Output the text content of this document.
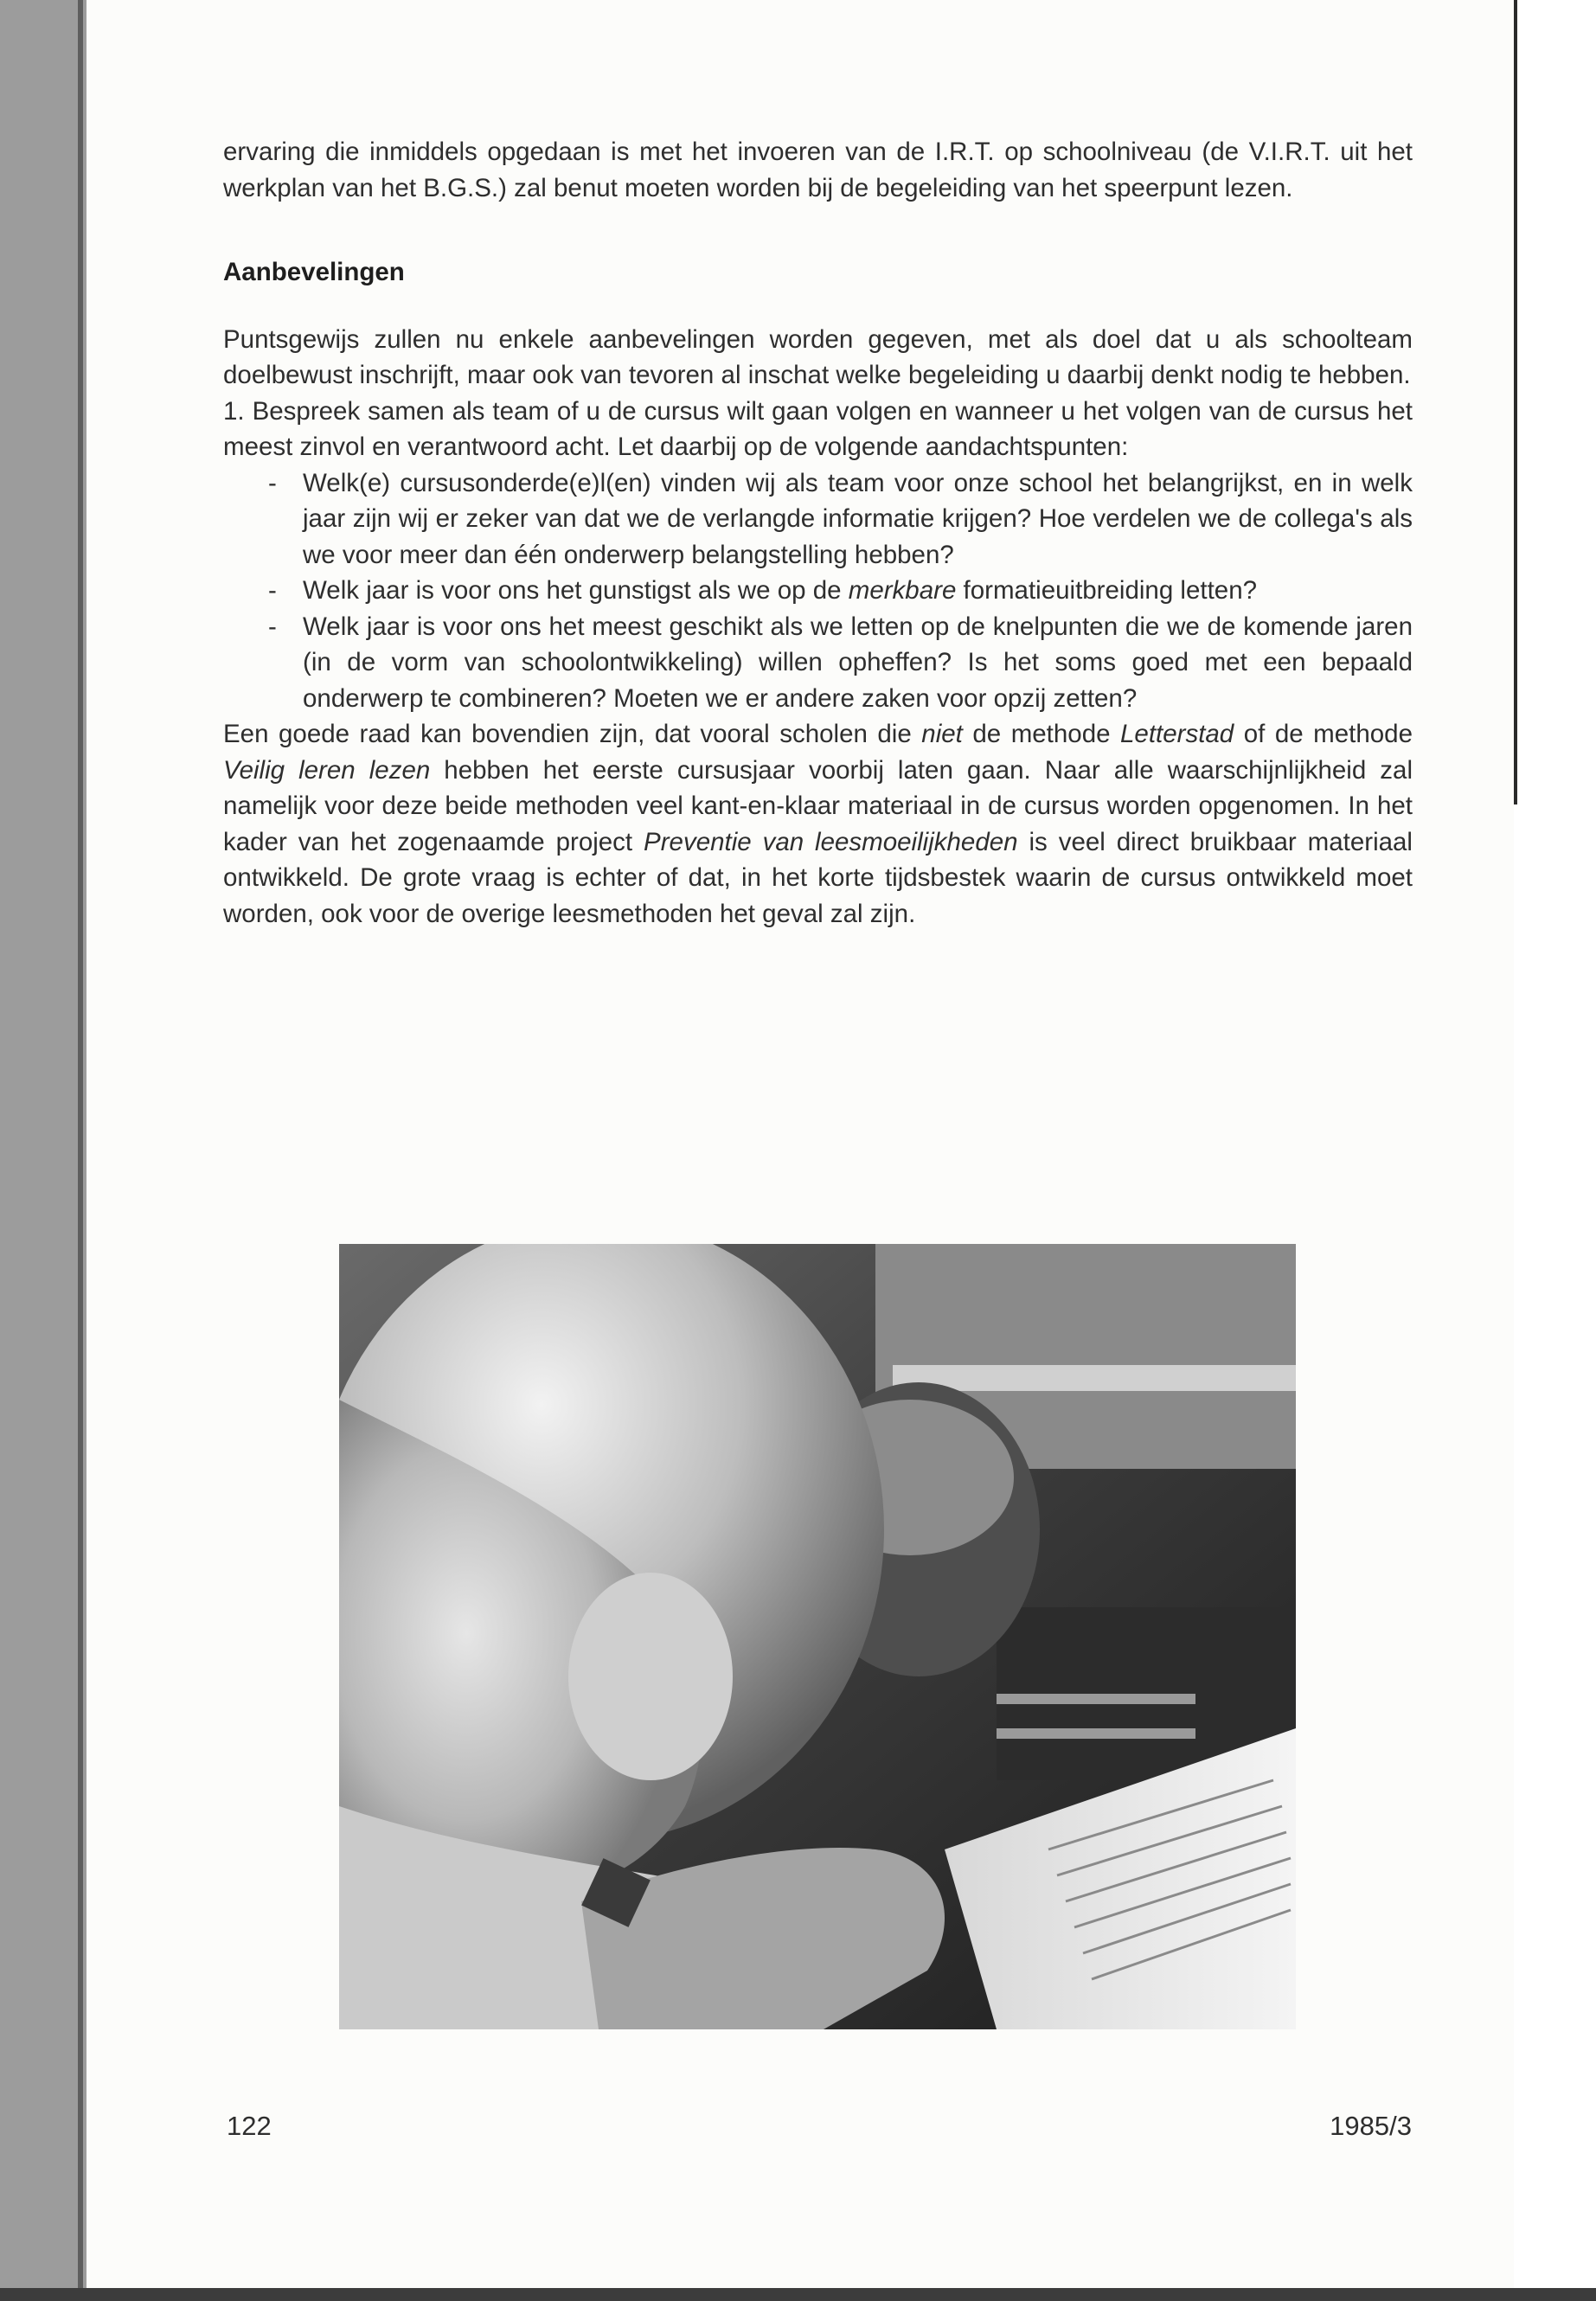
ervaring die inmiddels opgedaan is met het invoeren van de I.R.T. op schoolniveau (de V.I.R.T. uit het werkplan van het B.G.S.) zal benut moeten worden bij de begeleiding van het speerpunt lezen.

Aanbevelingen

Puntsgewijs zullen nu enkele aanbevelingen worden gegeven, met als doel dat u als schoolteam doelbewust inschrijft, maar ook van tevoren al inschat welke begeleiding u daarbij denkt nodig te hebben.

1. Bespreek samen als team of u de cursus wilt gaan volgen en wanneer u het volgen van de cursus het meest zinvol en verantwoord acht. Let daarbij op de volgende aandachtspunten:

- Welk(e) cursusonderde(e)l(en) vinden wij als team voor onze school het belangrijkst, en in welk jaar zijn wij er zeker van dat we de verlangde informatie krijgen? Hoe verdelen we de collega's als we voor meer dan één onderwerp belangstelling hebben?
- Welk jaar is voor ons het gunstigst als we op de merkbare formatieuitbreiding letten?
- Welk jaar is voor ons het meest geschikt als we letten op de knelpunten die we de komende jaren (in de vorm van schoolontwikkeling) willen opheffen? Is het soms goed met een bepaald onderwerp te combineren? Moeten we er andere zaken voor opzij zetten?

Een goede raad kan bovendien zijn, dat vooral scholen die niet de methode Letterstad of de methode Veilig leren lezen hebben het eerste cursusjaar voorbij laten gaan. Naar alle waarschijnlijkheid zal namelijk voor deze beide methoden veel kant-en-klaar materiaal in de cursus worden opgenomen. In het kader van het zogenaamde project Preventie van leesmoeilijkheden is veel direct bruikbaar materiaal ontwikkeld. De grote vraag is echter of dat, in het korte tijdsbestek waarin de cursus ontwikkeld moet worden, ook voor de overige leesmethoden het geval zal zijn.

122	1985/3
